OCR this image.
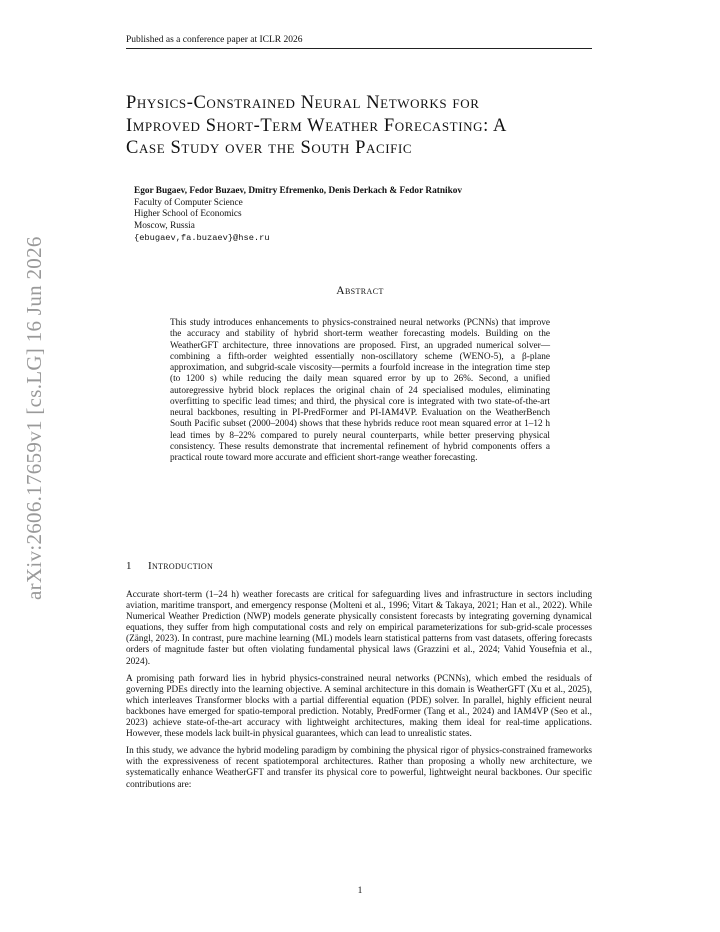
Published as a conference paper at ICLR 2026
arXiv:2606.17659v1 [cs.LG] 16 Jun 2026
Physics-Constrained Neural Networks for
Improved Short-Term Weather Forecasting: A
Case Study over the South Pacific
Egor Bugaev, Fedor Buzaev, Dmitry Efremenko, Denis Derkach & Fedor Ratnikov
Faculty of Computer Science
Higher School of Economics
Moscow, Russia
{ebugaev,fa.buzaev}@hse.ru
Abstract
This study introduces enhancements to physics-constrained neural networks (PCNNs) that improve the accuracy and stability of hybrid short-term weather forecasting models. Building on the WeatherGFT architecture, three innovations are proposed. First, an upgraded numerical solver—combining a fifth-order weighted essentially non-oscillatory scheme (WENO-5), a β-plane approximation, and subgrid-scale viscosity—permits a fourfold increase in the integration time step (to 1200 s) while reducing the daily mean squared error by up to 26%. Second, a unified autoregressive hybrid block replaces the original chain of 24 specialised modules, eliminating overfitting to specific lead times; and third, the physical core is integrated with two state-of-the-art neural backbones, resulting in PI-PredFormer and PI-IAM4VP. Evaluation on the WeatherBench South Pacific subset (2000–2004) shows that these hybrids reduce root mean squared error at 1–12 h lead times by 8–22% compared to purely neural counterparts, while better preserving physical consistency. These results demonstrate that incremental refinement of hybrid components offers a practical route toward more accurate and efficient short-range weather forecasting.
1 Introduction

Accurate short-term (1–24 h) weather forecasts are critical for safeguarding lives and infrastructure in sectors including aviation, maritime transport, and emergency response (Molteni et al., 1996; Vitart & Takaya, 2021; Han et al., 2022). While Numerical Weather Prediction (NWP) models generate physically consistent forecasts by integrating governing dynamical equations, they suffer from high computational costs and rely on empirical parameterizations for sub-grid-scale processes (Zängl, 2023). In contrast, pure machine learning (ML) models learn statistical patterns from vast datasets, offering forecasts orders of magnitude faster but often violating fundamental physical laws (Grazzini et al., 2024; Vahid Yousefnia et al., 2024).

A promising path forward lies in hybrid physics-constrained neural networks (PCNNs), which embed the residuals of governing PDEs directly into the learning objective. A seminal architecture in this domain is WeatherGFT (Xu et al., 2025), which interleaves Transformer blocks with a partial differential equation (PDE) solver. In parallel, highly efficient neural backbones have emerged for spatio-temporal prediction. Notably, PredFormer (Tang et al., 2024) and IAM4VP (Seo et al., 2023) achieve state-of-the-art accuracy with lightweight architectures, making them ideal for real-time applications. However, these models lack built-in physical guarantees, which can lead to unrealistic states.

In this study, we advance the hybrid modeling paradigm by combining the physical rigor of physics-constrained frameworks with the expressiveness of recent spatiotemporal architectures. Rather than proposing a wholly new architecture, we systematically enhance WeatherGFT and transfer its physical core to powerful, lightweight neural backbones. Our specific contributions are:

1
